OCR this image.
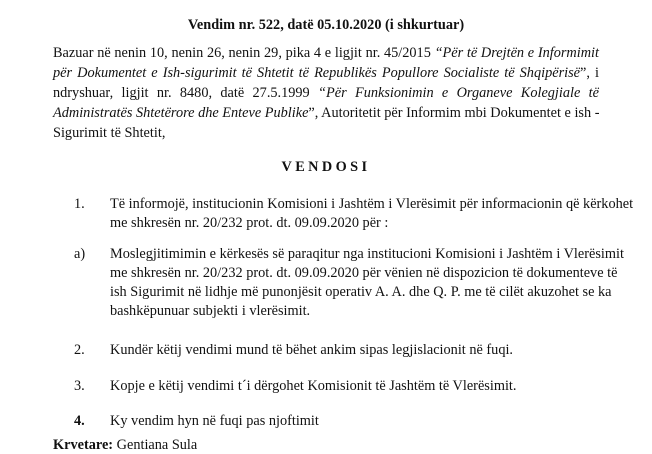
Vendim nr. 522, datë 05.10.2020 (i shkurtuar)
Bazuar në nenin 10, nenin 26, nenin 29, pika 4 e ligjit nr. 45/2015 “Për të Drejtën e Informimit
për Dokumentet e Ish-sigurimit të Shtetit të Republikës Popullore Socialiste të Shqipërisë”, i
ndryshuar, ligjit nr. 8480, datë 27.5.1999 “Për Funksionimin e Organeve Kolegjiale të
Administratës Shtetërore dhe Enteve Publike”, Autoritetit për Informim mbi Dokumentet e ish -
Sigurimit të Shtetit,
VENDOSI
1. Të informojë, institucionin Komisioni i Jashtëm i Vlerësimit për informacionin që kërkohet
me shkresën nr. 20/232 prot. dt. 09.09.2020 për :
a) Moslegjitimimin e kërkesës së paraqitur nga institucioni Komisioni i Jashtëm i Vlerësimit
me shkresën nr. 20/232 prot. dt. 09.09.2020 për vënien në dispozicion të dokumenteve të
ish Sigurimit në lidhje më punonjësit operativ A. A. dhe Q. P. me të cilët akuzohet se ka
bashkëpunuar subjekti i vlerësimit.
2. Kundër këtij vendimi mund të bëhet ankim sipas legjislacionit në fuqi.
3. Kopje e këtij vendimi t´i dërgohet Komisionit të Jashtëm të Vlerësimit.
4. Ky vendim hyn në fuqi pas njoftimit
Krvetare: Gentiana Sula
